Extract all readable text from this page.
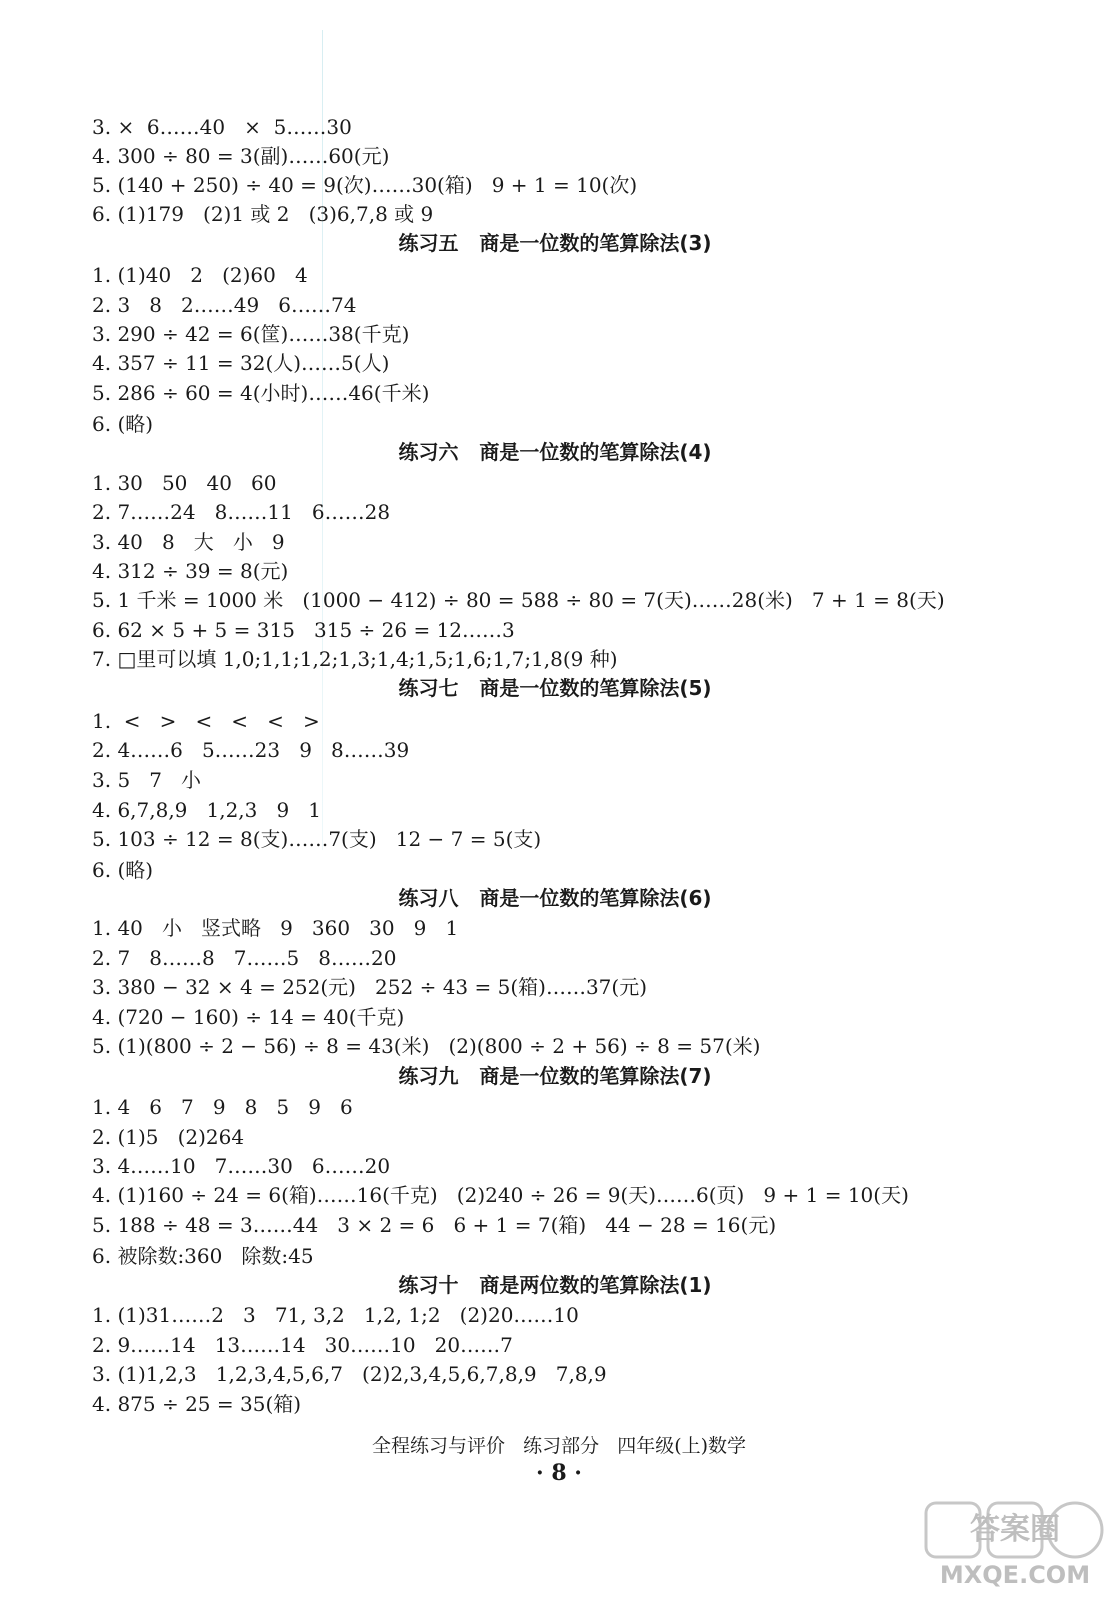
3. ×  6……40   ×  5……30
4. 300 ÷ 80 = 3(副)……60(元)
5. (140 + 250) ÷ 40 = 9(次)……30(箱)   9 + 1 = 10(次)
6. (1)179   (2)1 或 2   (3)6,7,8 或 9
练习五   商是一位数的笔算除法(3)
1. (1)40   2   (2)60   4
2. 3   8   2……49   6……74
3. 290 ÷ 42 = 6(筐)……38(千克)
4. 357 ÷ 11 = 32(人)……5(人)
5. 286 ÷ 60 = 4(小时)……46(千米)
6. (略)
练习六   商是一位数的笔算除法(4)
1. 30   50   40   60
2. 7……24   8……11   6……28
3. 40   8   大   小   9
4. 312 ÷ 39 = 8(元)
5. 1 千米 = 1000 米   (1000 − 412) ÷ 80 = 588 ÷ 80 = 7(天)……28(米)   7 + 1 = 8(天)
6. 62 × 5 + 5 = 315   315 ÷ 26 = 12……3
7. □里可以填 1,0;1,1;1,2;1,3;1,4;1,5;1,6;1,7;1,8(9 种)
练习七   商是一位数的笔算除法(5)
1.  <   >   <   <   <   >
2. 4……6   5……23   9   8……39
3. 5   7   小
4. 6,7,8,9   1,2,3   9   1
5. 103 ÷ 12 = 8(支)……7(支)   12 − 7 = 5(支)
6. (略)
练习八   商是一位数的笔算除法(6)
1. 40   小   竖式略   9   360   30   9   1
2. 7   8……8   7……5   8……20
3. 380 − 32 × 4 = 252(元)   252 ÷ 43 = 5(箱)……37(元)
4. (720 − 160) ÷ 14 = 40(千克)
5. (1)(800 ÷ 2 − 56) ÷ 8 = 43(米)   (2)(800 ÷ 2 + 56) ÷ 8 = 57(米)
练习九   商是一位数的笔算除法(7)
1. 4   6   7   9   8   5   9   6
2. (1)5   (2)264
3. 4……10   7……30   6……20
4. (1)160 ÷ 24 = 6(箱)……16(千克)   (2)240 ÷ 26 = 9(天)……6(页)   9 + 1 = 10(天)
5. 188 ÷ 48 = 3……44   3 × 2 = 6   6 + 1 = 7(箱)   44 − 28 = 16(元)
6. 被除数:360   除数:45
练习十   商是两位数的笔算除法(1)
1. (1)31……2   3   71, 3,2   1,2, 1;2   (2)20……10
2. 9……14   13……14   30……10   20……7
3. (1)1,2,3   1,2,3,4,5,6,7   (2)2,3,4,5,6,7,8,9   7,8,9
4. 875 ÷ 25 = 35(箱)
全程练习与评价   练习部分   四年级(上)数学
· 8 ·
答案圈
MXQE.COM
